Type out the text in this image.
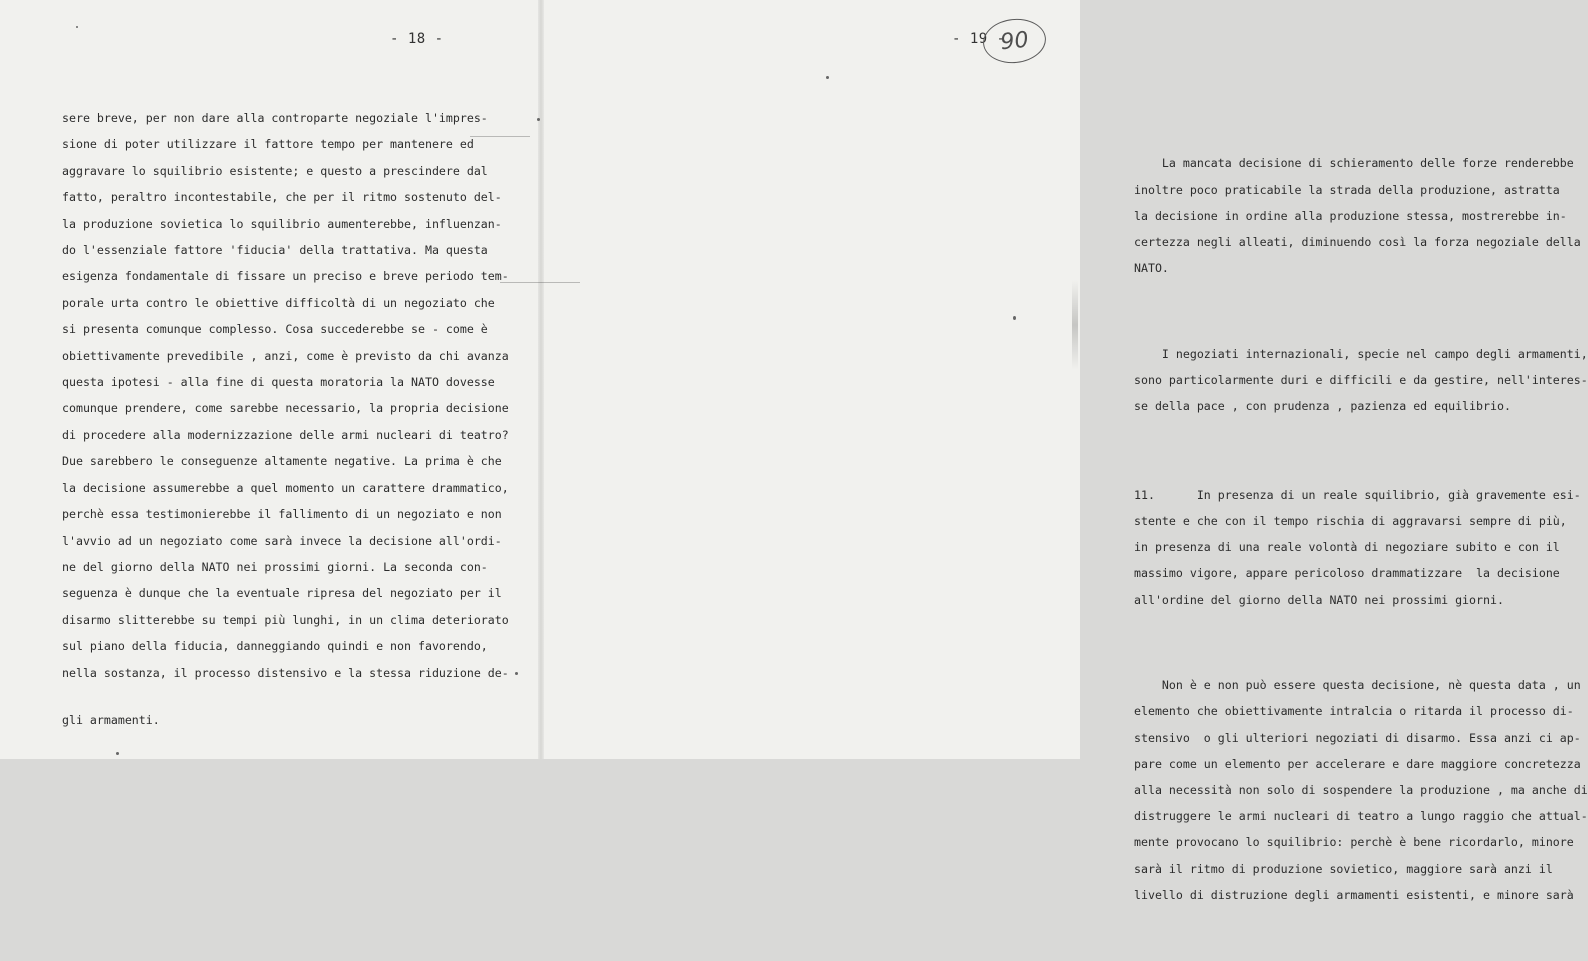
- 18 -
sere breve, per non dare alla controparte negoziale l'impres-
sione di poter utilizzare il fattore tempo per mantenere ed
aggravare lo squilibrio esistente; e questo a prescindere dal
fatto, peraltro incontestabile, che per il ritmo sostenuto del-
la produzione sovietica lo squilibrio aumenterebbe, influenzan-
do l'essenziale fattore 'fiducia' della trattativa. Ma questa
esigenza fondamentale di fissare un preciso e breve periodo tem-
porale urta contro le obiettive difficoltà di un negoziato che
si presenta comunque complesso. Cosa succederebbe se - come è
obiettivamente prevedibile , anzi, come è previsto da chi avanza
questa ipotesi - alla fine di questa moratoria la NATO dovesse
comunque prendere, come sarebbe necessario, la propria decisione
di procedere alla modernizzazione delle armi nucleari di teatro?
Due sarebbero le conseguenze altamente negative. La prima è che
la decisione assumerebbe a quel momento un carattere drammatico,
perchè essa testimonierebbe il fallimento di un negoziato e non
l'avvio ad un negoziato come sarà invece la decisione all'ordi-
ne del giorno della NATO nei prossimi giorni. La seconda con-
seguenza è dunque che la eventuale ripresa del negoziato per il
disarmo slitterebbe su tempi più lunghi, in un clima deteriorato
sul piano della fiducia, danneggiando quindi e non favorendo,
nella sostanza, il processo distensivo e la stessa riduzione de-
gli armamenti.
- 19 -
90

La mancata decisione di schieramento delle forze renderebbe
inoltre poco praticabile la strada della produzione, astratta
la decisione in ordine alla produzione stessa, mostrerebbe in-
certezza negli alleati, diminuendo così la forza negoziale della
NATO.

I negoziati internazionali, specie nel campo degli armamenti,
sono particolarmente duri e difficili e da gestire, nell'interes-
se della pace , con prudenza , pazienza ed equilibrio.

11.      In presenza di un reale squilibrio, già gravemente esi-
stente e che con il tempo rischia di aggravarsi sempre di più,
in presenza di una reale volontà di negoziare subito e con il
massimo vigore, appare pericoloso drammatizzare  la decisione
all'ordine del giorno della NATO nei prossimi giorni.

Non è e non può essere questa decisione, nè questa data , un
elemento che obiettivamente intralcia o ritarda il processo di-
stensivo  o gli ulteriori negoziati di disarmo. Essa anzi ci ap-
pare come un elemento per accelerare e dare maggiore concretezza
alla necessità non solo di sospendere la produzione , ma anche di
distruggere le armi nucleari di teatro a lungo raggio che attual-
mente provocano lo squilibrio: perchè è bene ricordarlo, minore
sarà il ritmo di produzione sovietico, maggiore sarà anzi il
livello di distruzione degli armamenti esistenti, e minore sarà
